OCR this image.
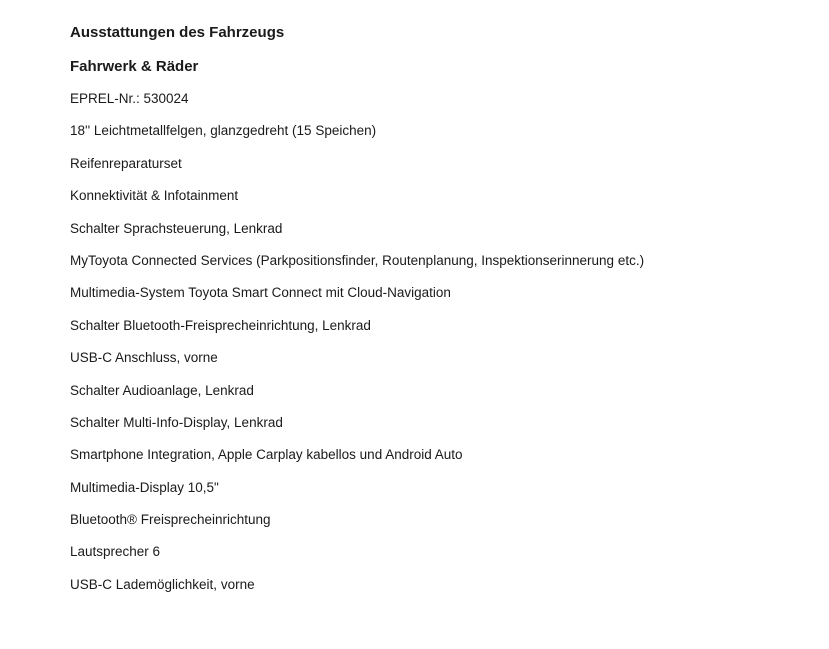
Ausstattungen des Fahrzeugs
Fahrwerk & Räder
EPREL-Nr.: 530024
18'' Leichtmetallfelgen, glanzgedreht (15 Speichen)
Reifenreparaturset
Konnektivität & Infotainment
Schalter Sprachsteuerung, Lenkrad
MyToyota Connected Services (Parkpositionsfinder, Routenplanung, Inspektionserinnerung etc.)
Multimedia-System Toyota Smart Connect mit Cloud-Navigation
Schalter Bluetooth-Freisprecheinrichtung, Lenkrad
USB-C Anschluss, vorne
Schalter Audioanlage, Lenkrad
Schalter Multi-Info-Display, Lenkrad
Smartphone Integration, Apple Carplay kabellos und Android Auto
Multimedia-Display 10,5"
Bluetooth® Freisprecheinrichtung
Lautsprecher 6
USB-C Lademöglichkeit, vorne
